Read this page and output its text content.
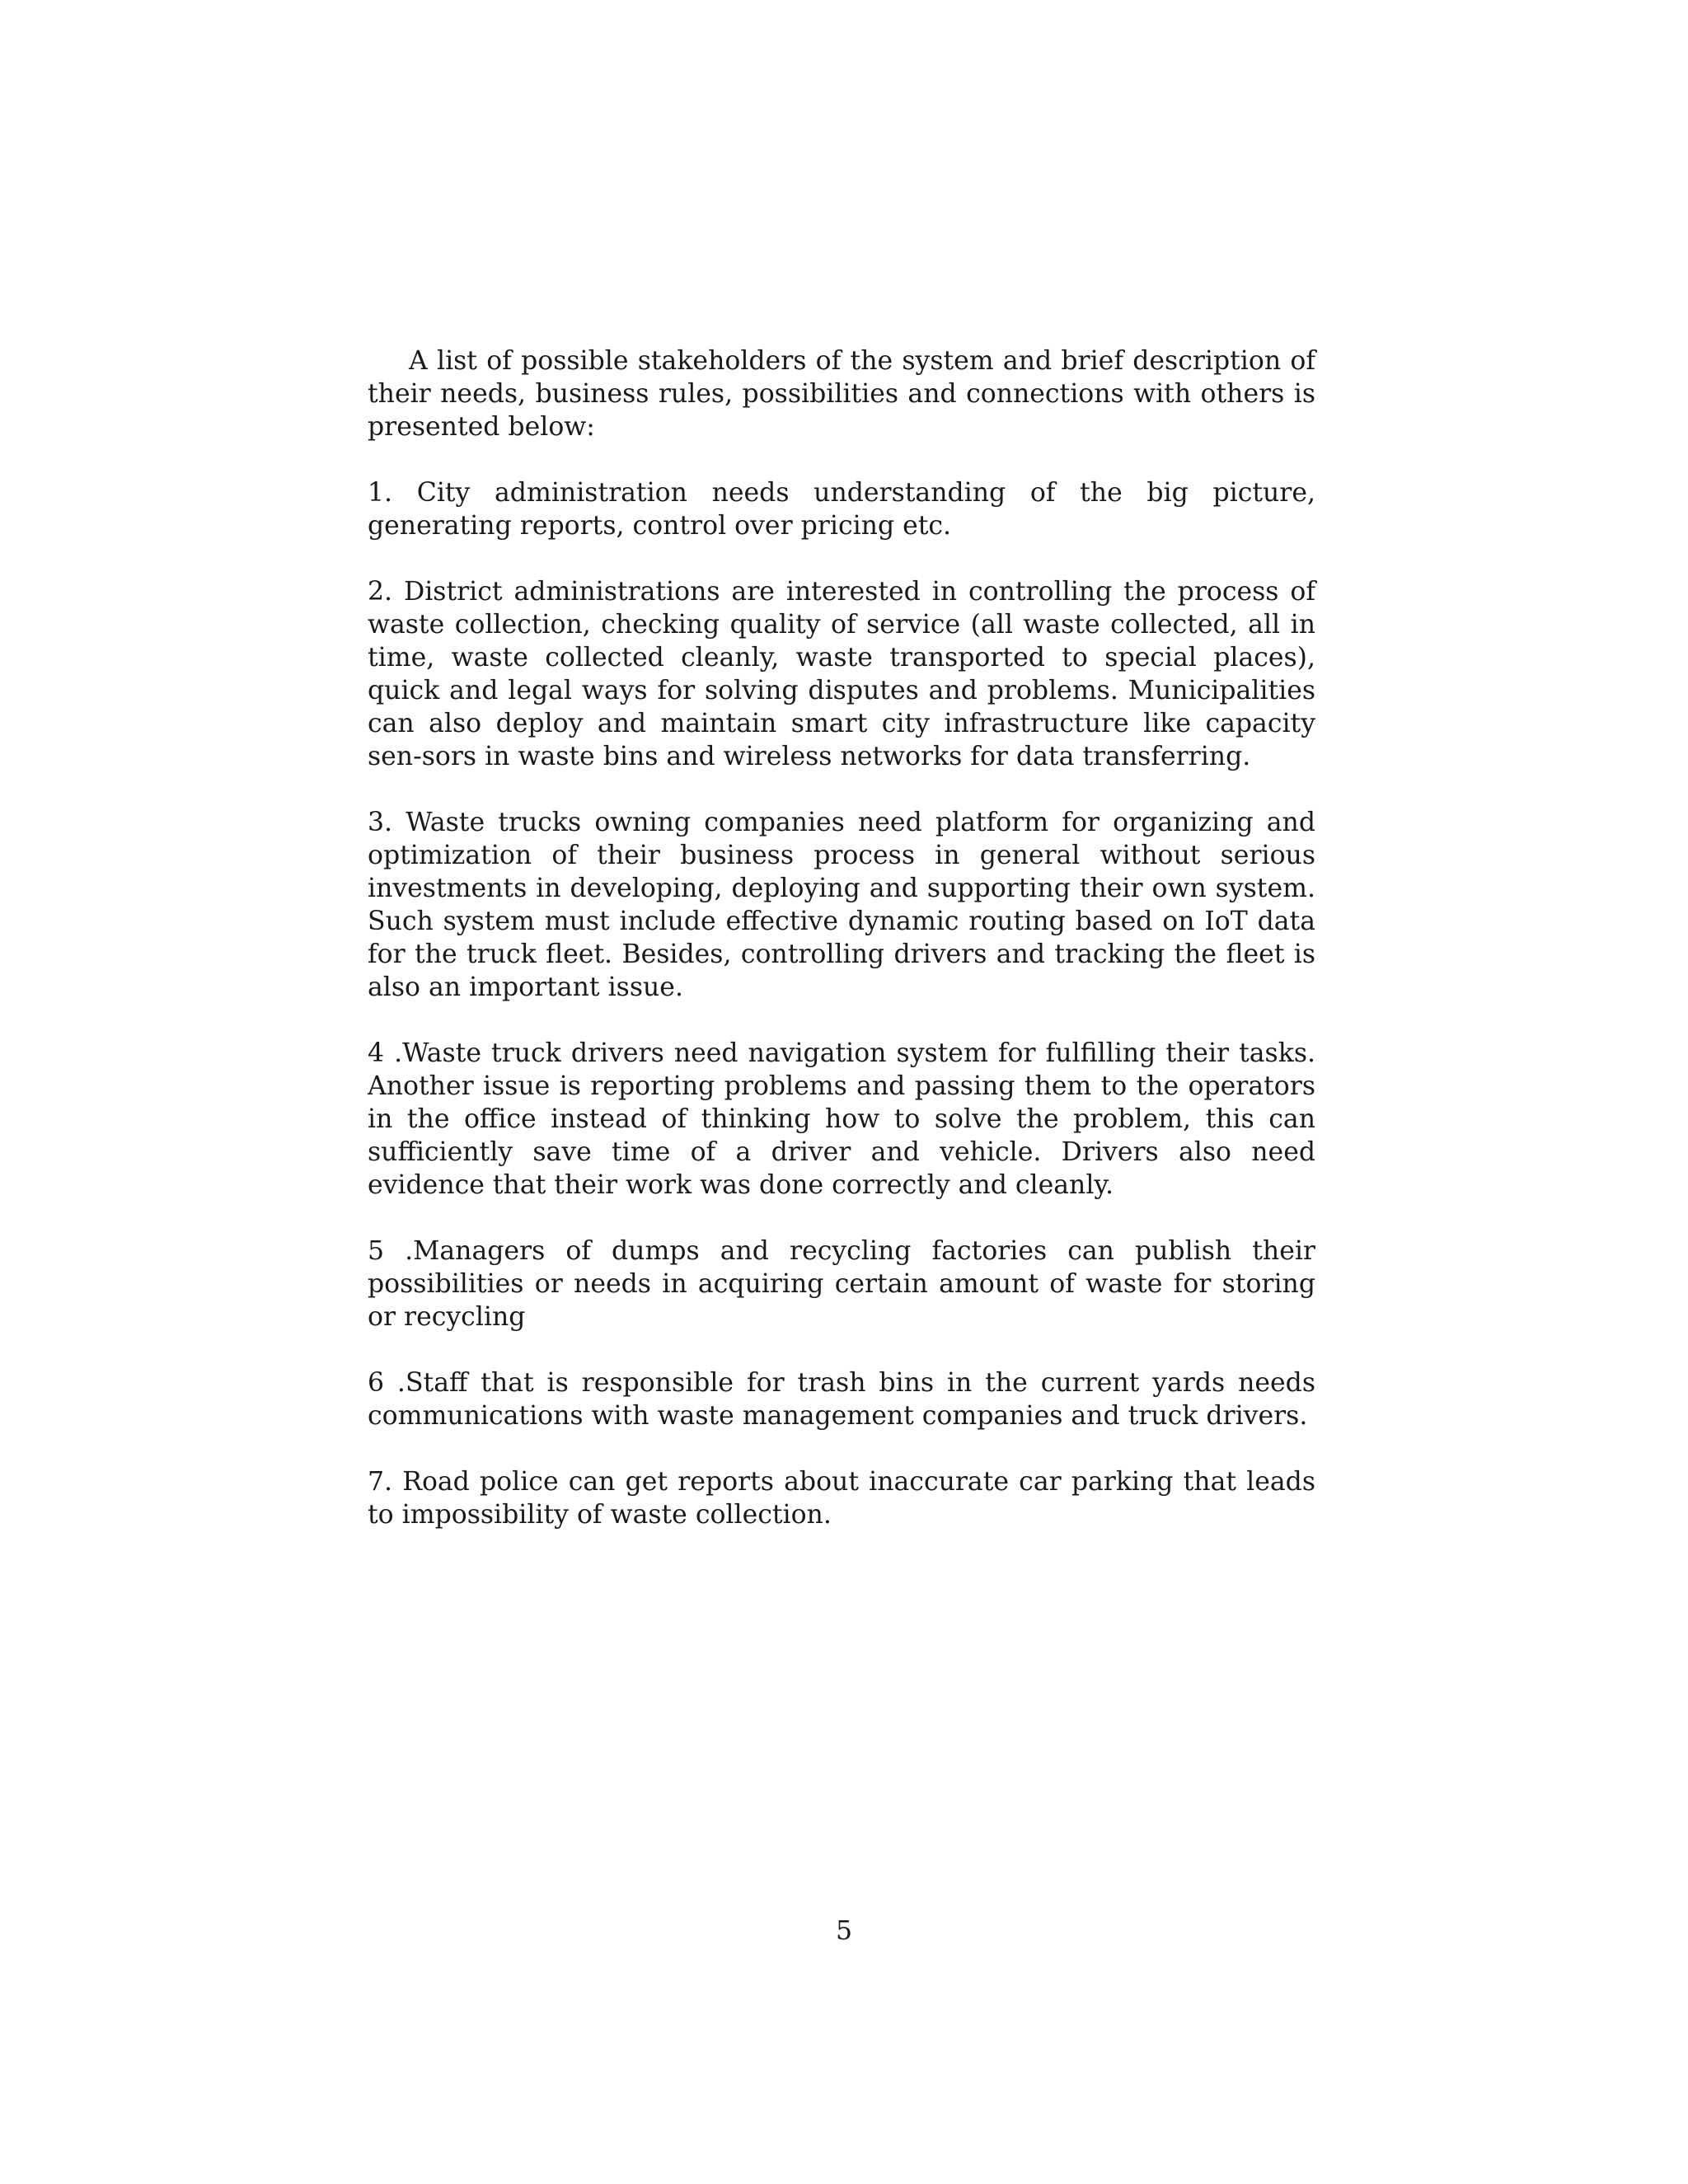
A list of possible stakeholders of the system and brief description of their needs, business rules, possibilities and connections with others is presented below:

1. City administration needs understanding of the big picture, generating reports, control over pricing etc.

2. District administrations are interested in controlling the process of waste collection, checking quality of service (all waste collected, all in time, waste collected cleanly, waste transported to special places), quick and legal ways for solving disputes and problems. Municipalities can also deploy and maintain smart city infrastructure like capacity sen-sors in waste bins and wireless networks for data transferring.

3. Waste trucks owning companies need platform for organizing and optimization of their business process in general without serious investments in developing, deploying and supporting their own system. Such system must include effective dynamic routing based on IoT data for the truck fleet. Besides, controlling drivers and tracking the fleet is also an important issue.

4 .Waste truck drivers need navigation system for fulfilling their tasks. Another issue is reporting problems and passing them to the operators in the office instead of thinking how to solve the problem, this can sufficiently save time of a driver and vehicle. Drivers also need evidence that their work was done correctly and cleanly.

5 .Managers of dumps and recycling factories can publish their possibilities or needs in acquiring certain amount of waste for storing or recycling

6 .Staff that is responsible for trash bins in the current yards needs communications with waste management companies and truck drivers.

7. Road police can get reports about inaccurate car parking that leads to impossibility of waste collection.

5
